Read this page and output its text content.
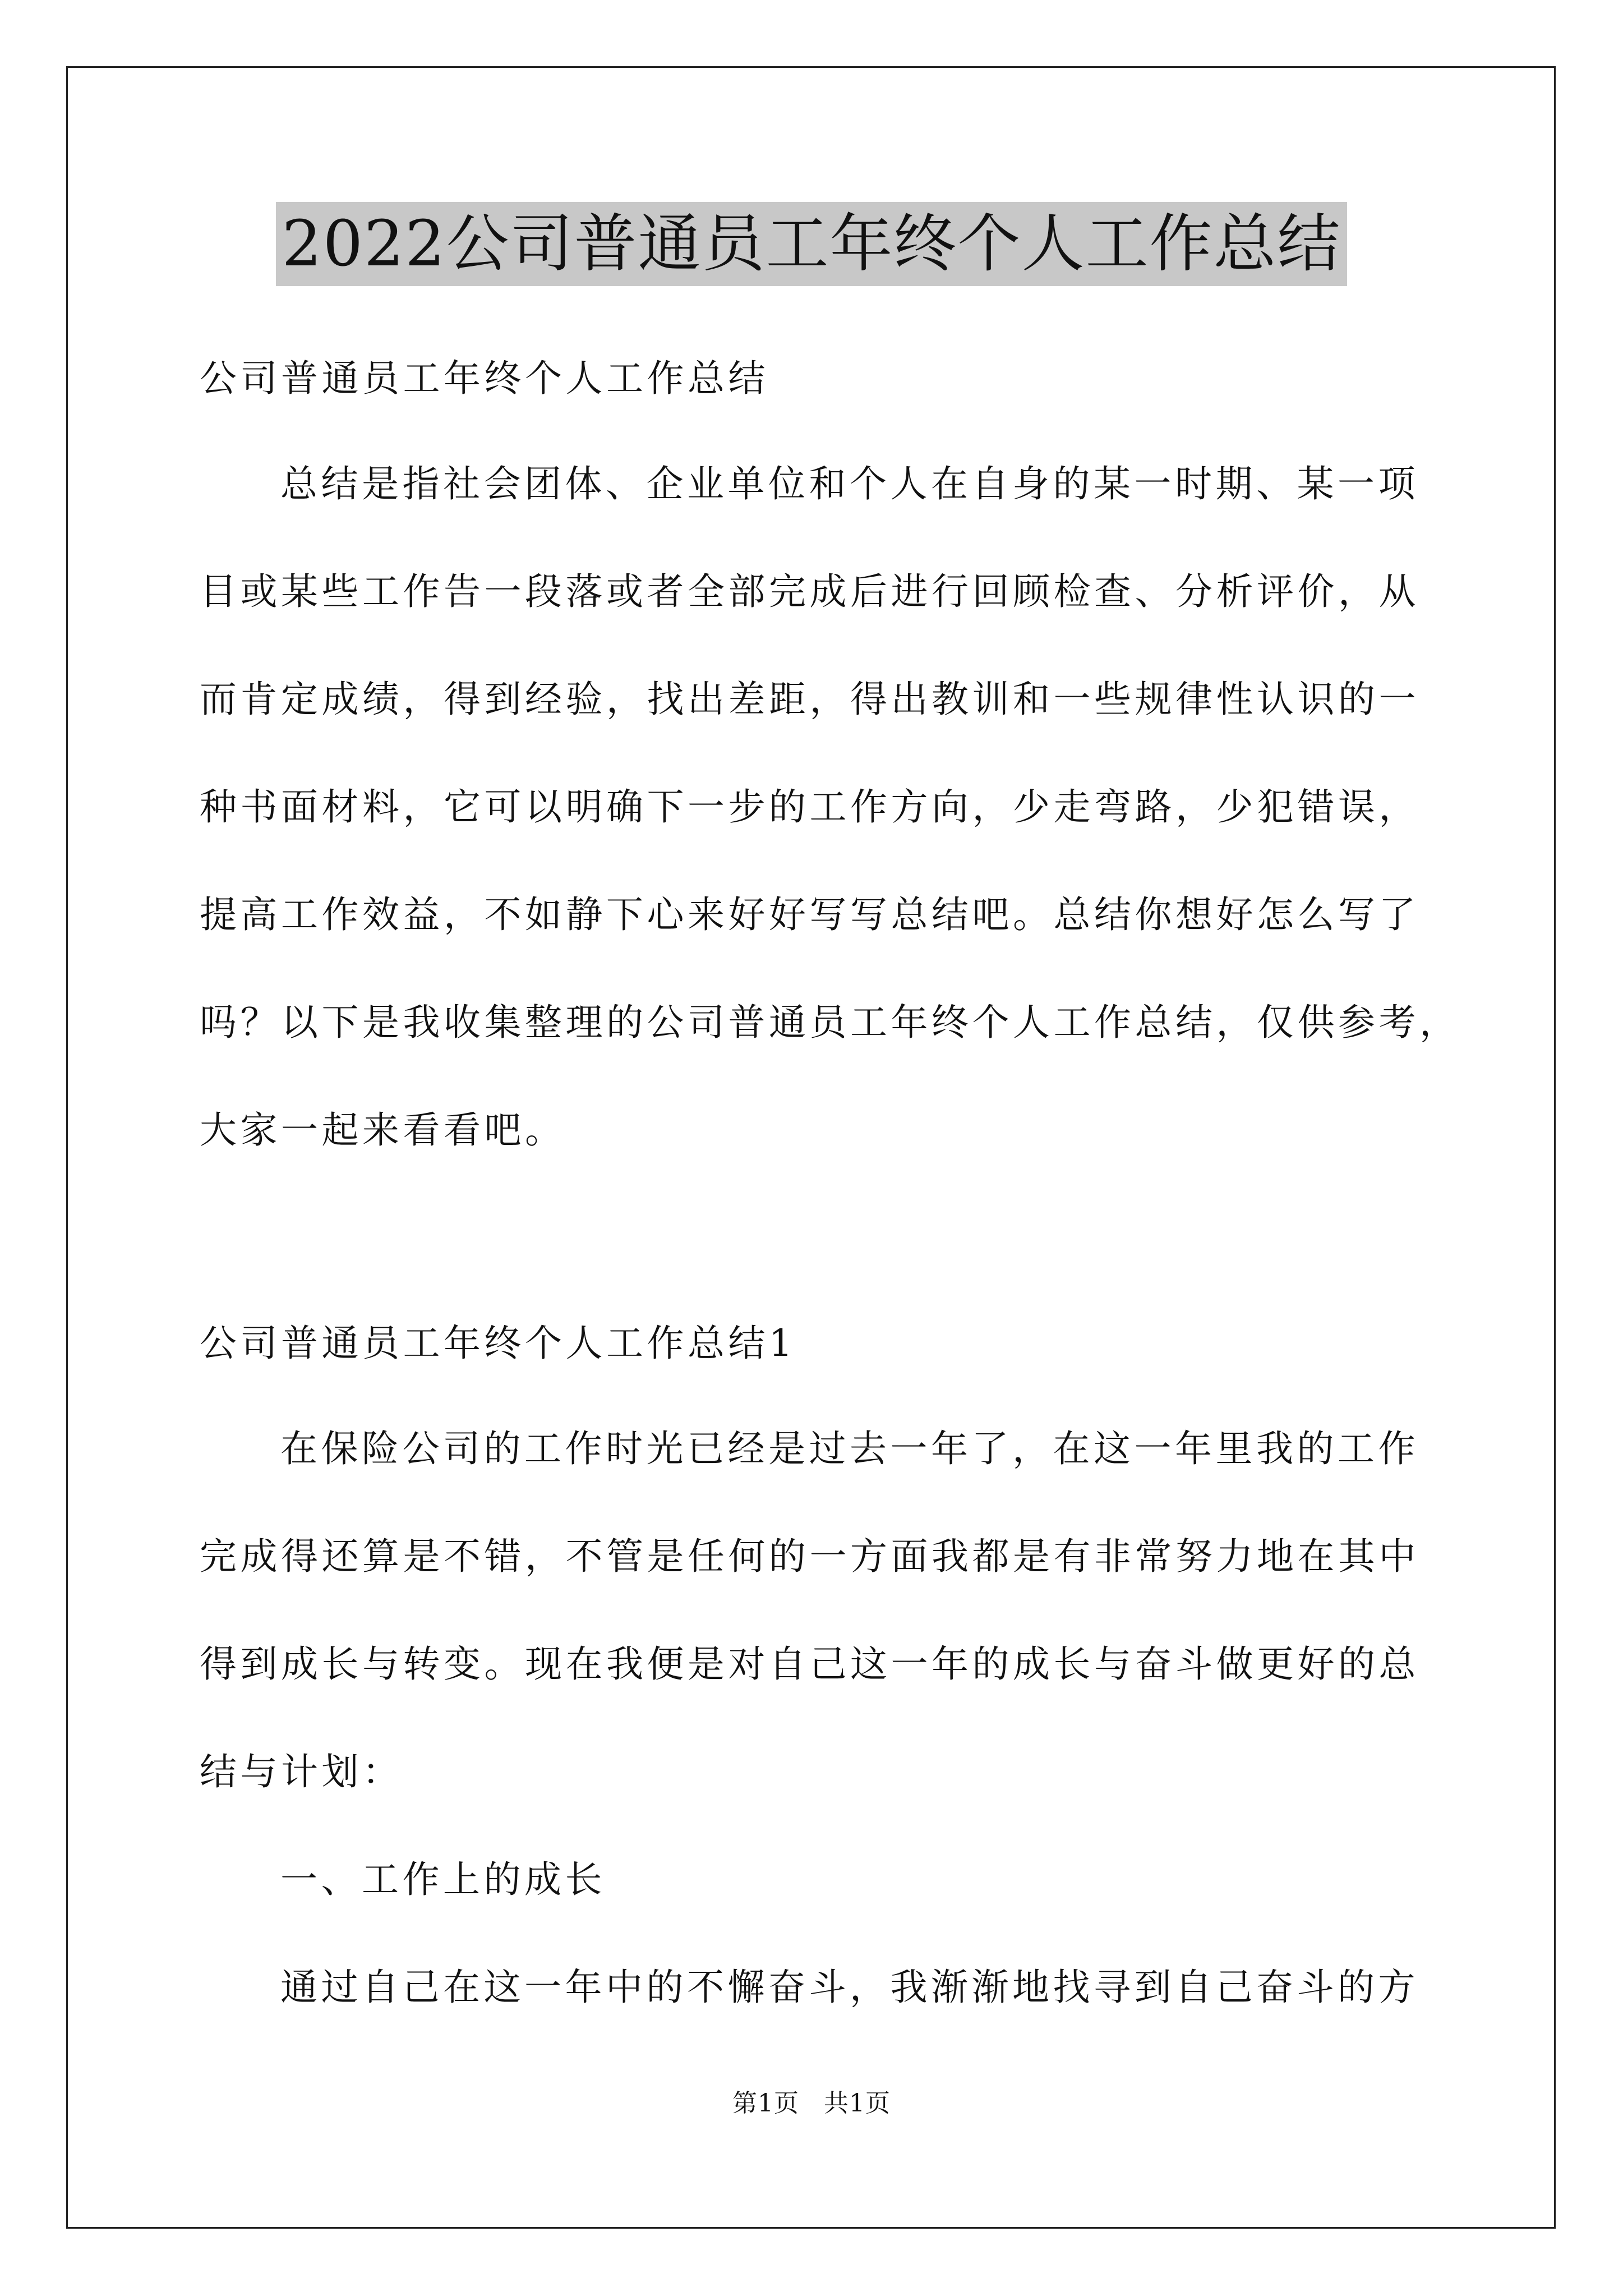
2022公司普通员工年终个人工作总结
公司普通员工年终个人工作总结
总结是指社会团体、企业单位和个人在自身的某一时期、某一项
目或某些工作告一段落或者全部完成后进行回顾检查、分析评价，从
而肯定成绩，得到经验，找出差距，得出教训和一些规律性认识的一
种书面材料，它可以明确下一步的工作方向，少走弯路，少犯错误，
提高工作效益，不如静下心来好好写写总结吧。总结你想好怎么写了
吗？以下是我收集整理的公司普通员工年终个人工作总结，仅供参考，
大家一起来看看吧。
公司普通员工年终个人工作总结1
在保险公司的工作时光已经是过去一年了，在这一年里我的工作
完成得还算是不错，不管是任何的一方面我都是有非常努力地在其中
得到成长与转变。现在我便是对自己这一年的成长与奋斗做更好的总
结与计划：
一、工作上的成长
通过自己在这一年中的不懈奋斗，我渐渐地找寻到自己奋斗的方
第1页 共1页
